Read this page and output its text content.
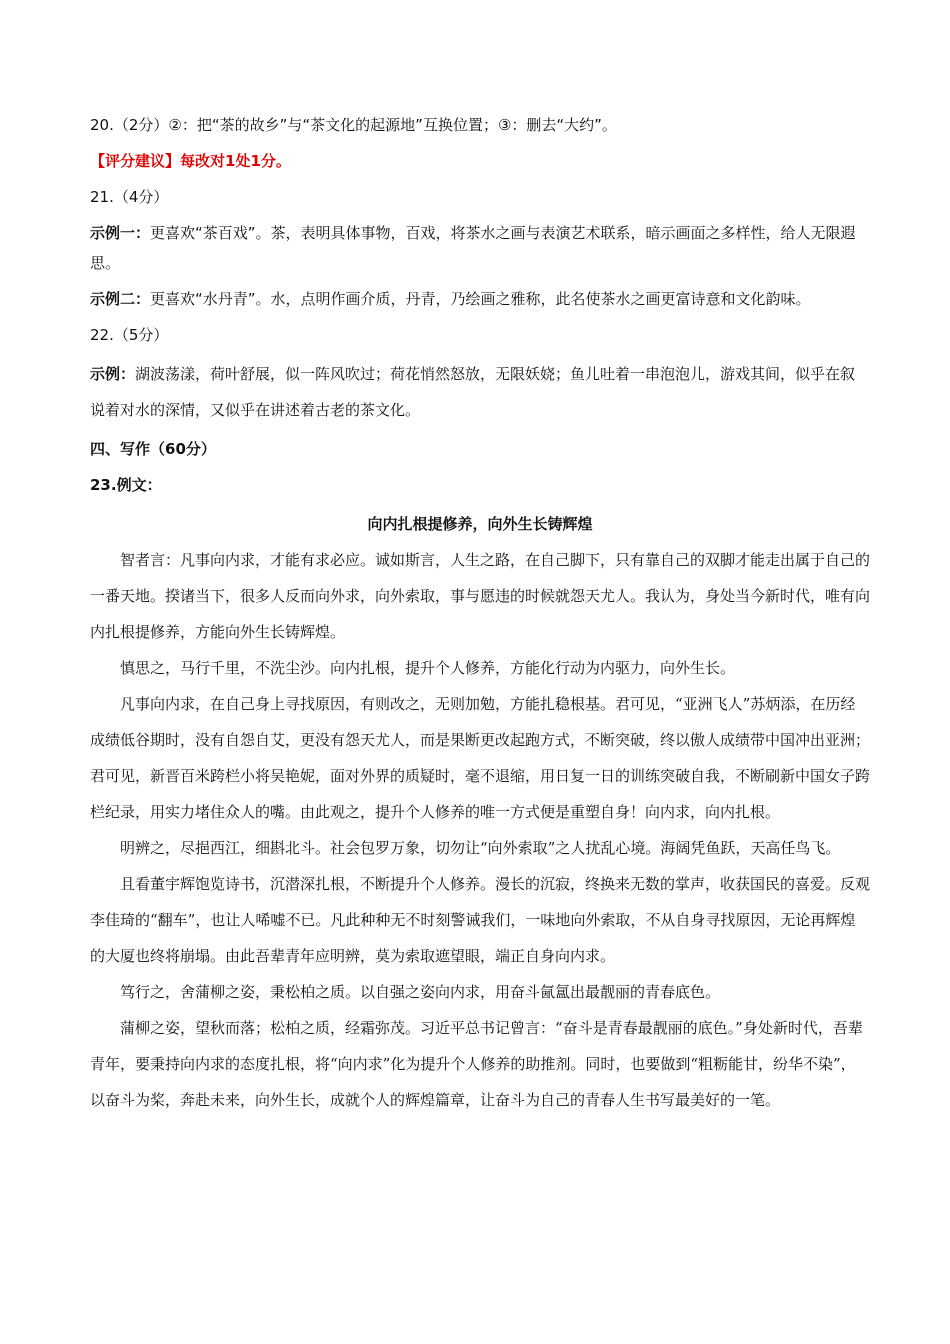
20.（2分）②：把“茶的故乡”与“茶文化的起源地”互换位置；③：删去“大约”。

【评分建议】每改对1处1分。

21.（4分）

示例一：更喜欢“茶百戏”。茶，表明具体事物，百戏，将茶水之画与表演艺术联系，暗示画面之多样性，给人无限遐思。

示例二：更喜欢“水丹青”。水，点明作画介质，丹青，乃绘画之雅称，此名使茶水之画更富诗意和文化韵味。

22.（5分）

示例：湖波荡漾，荷叶舒展，似一阵风吹过；荷花悄然怒放，无限妖娆；鱼儿吐着一串泡泡儿，游戏其间，似乎在叙说着对水的深情，又似乎在讲述着古老的茶文化。

四、写作（60分）

23.例文：

向内扎根提修养，向外生长铸辉煌

智者言：凡事向内求，才能有求必应。诚如斯言，人生之路，在自己脚下，只有靠自己的双脚才能走出属于自己的一番天地。揆诸当下，很多人反而向外求，向外索取，事与愿违的时候就怨天尤人。我认为，身处当今新时代，唯有向内扎根提修养，方能向外生长铸辉煌。

慎思之，马行千里，不洗尘沙。向内扎根，提升个人修养，方能化行动为内驱力，向外生长。

凡事向内求，在自己身上寻找原因，有则改之，无则加勉，方能扎稳根基。君可见，“亚洲飞人”苏炳添，在历经成绩低谷期时，没有自怨自艾，更没有怨天尤人，而是果断更改起跑方式，不断突破，终以傲人成绩带中国冲出亚洲；君可见，新晋百米跨栏小将吴艳妮，面对外界的质疑时，毫不退缩，用日复一日的训练突破自我，不断刷新中国女子跨栏纪录，用实力堵住众人的嘴。由此观之，提升个人修养的唯一方式便是重塑自身！向内求，向内扎根。

明辨之，尽挹西江，细斟北斗。社会包罗万象，切勿让“向外索取”之人扰乱心境。海阔凭鱼跃，天高任鸟飞。

且看董宇辉饱览诗书，沉潜深扎根，不断提升个人修养。漫长的沉寂，终换来无数的掌声，收获国民的喜爱。反观李佳琦的“翻车”，也让人唏嘘不已。凡此种种无不时刻警诫我们，一味地向外索取，不从自身寻找原因，无论再辉煌的大厦也终将崩塌。由此吾辈青年应明辨，莫为索取遮望眼，端正自身向内求。

笃行之，舍蒲柳之姿，秉松柏之质。以自强之姿向内求，用奋斗氤氲出最靓丽的青春底色。

蒲柳之姿，望秋而落；松柏之质，经霜弥茂。习近平总书记曾言：“奋斗是青春最靓丽的底色。”身处新时代，吾辈青年，要秉持向内求的态度扎根，将“向内求”化为提升个人修养的助推剂。同时，也要做到“粗粝能甘，纷华不染”，以奋斗为桨，奔赴未来，向外生长，成就个人的辉煌篇章，让奋斗为自己的青春人生书写最美好的一笔。
